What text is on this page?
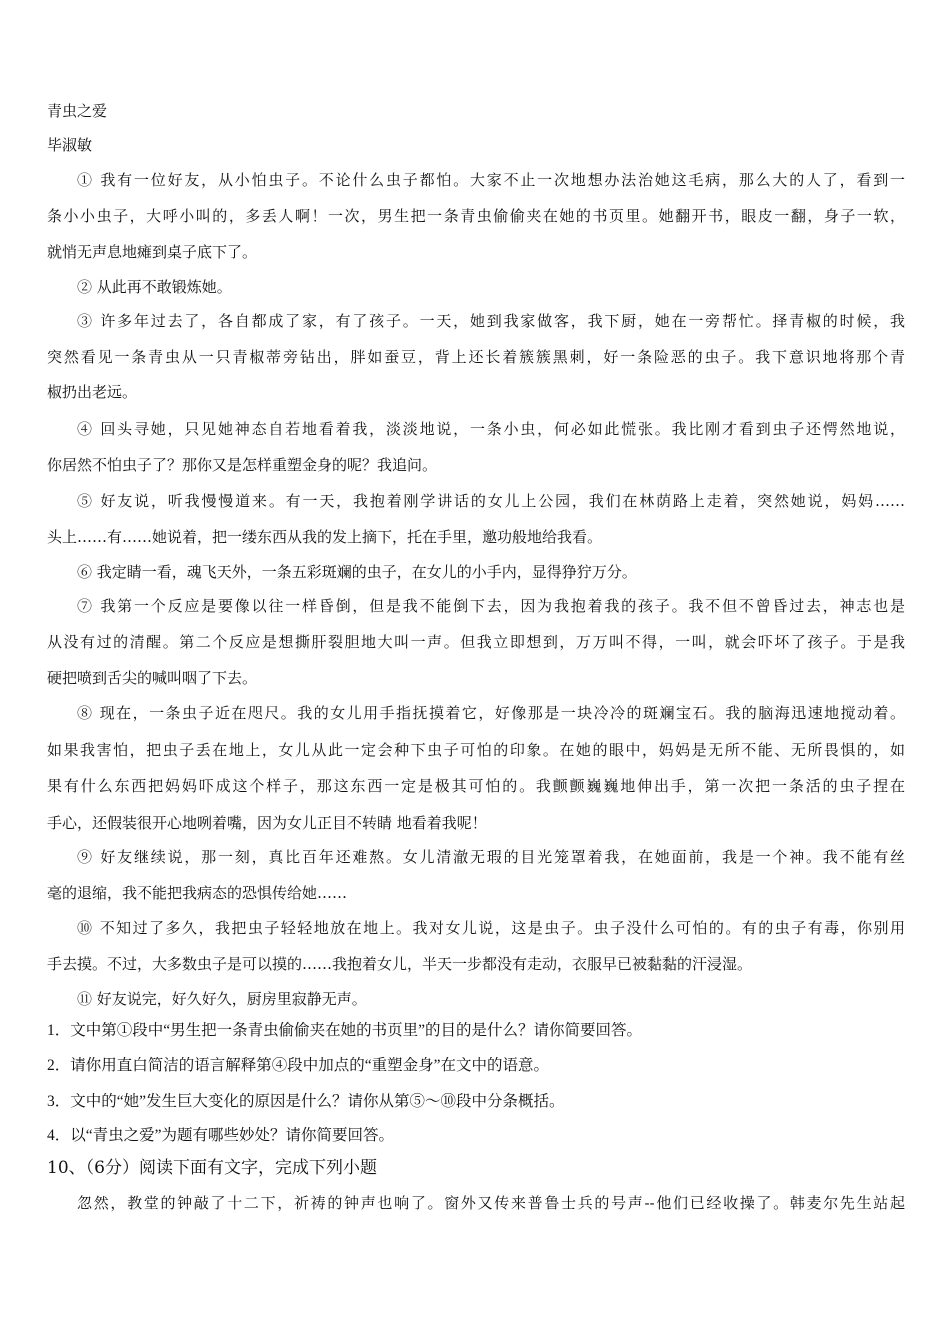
青虫之爱
毕淑敏
① 我有一位好友，从小怕虫子。不论什么虫子都怕。大家不止一次地想办法治她这毛病，那么大的人了，看到一
条小小虫子，大呼小叫的，多丢人啊！一次，男生把一条青虫偷偷夹在她的书页里。她翻开书，眼皮一翻，身子一软，
就悄无声息地瘫到桌子底下了。
② 从此再不敢锻炼她。
③ 许多年过去了，各自都成了家，有了孩子。一天，她到我家做客，我下厨，她在一旁帮忙。择青椒的时候，我
突然看见一条青虫从一只青椒蒂旁钻出，胖如蚕豆，背上还长着簇簇黑刺，好一条险恶的虫子。我下意识地将那个青
椒扔出老远。
④ 回头寻她，只见她神态自若地看着我，淡淡地说，一条小虫，何必如此慌张。我比刚才看到虫子还愕然地说，
你居然不怕虫子了？那你又是怎样重塑金身的呢？我追问。
⑤ 好友说，听我慢慢道来。有一天，我抱着刚学讲话的女儿上公园，我们在林荫路上走着，突然她说，妈妈……
头上……有……她说着，把一缕东西从我的发上摘下，托在手里，邀功般地给我看。
⑥ 我定睛一看，魂飞天外，一条五彩斑斓的虫子，在女儿的小手内，显得狰狞万分。
⑦ 我第一个反应是要像以往一样昏倒，但是我不能倒下去，因为我抱着我的孩子。我不但不曾昏过去，神志也是
从没有过的清醒。第二个反应是想撕肝裂胆地大叫一声。但我立即想到，万万叫不得，一叫，就会吓坏了孩子。于是我
硬把喷到舌尖的喊叫咽了下去。
⑧ 现在，一条虫子近在咫尺。我的女儿用手指抚摸着它，好像那是一块冷冷的斑斓宝石。我的脑海迅速地搅动着。
如果我害怕，把虫子丢在地上，女儿从此一定会种下虫子可怕的印象。在她的眼中，妈妈是无所不能、无所畏惧的，如
果有什么东西把妈妈吓成这个样子，那这东西一定是极其可怕的。我颤颤巍巍地伸出手，第一次把一条活的虫子捏在
手心，还假装很开心地咧着嘴，因为女儿正目不转睛 地看着我呢！
⑨ 好友继续说，那一刻，真比百年还难熬。女儿清澈无瑕的目光笼罩着我，在她面前，我是一个神。我不能有丝
毫的退缩，我不能把我病态的恐惧传给她……
⑩ 不知过了多久，我把虫子轻轻地放在地上。我对女儿说，这是虫子。虫子没什么可怕的。有的虫子有毒，你别用
手去摸。不过，大多数虫子是可以摸的……我抱着女儿，半天一步都没有走动，衣服早已被黏黏的汗浸湿。
⑪ 好友说完，好久好久，厨房里寂静无声。
1．文中第①段中“男生把一条青虫偷偷夹在她的书页里”的目的是什么？请你简要回答。
2．请你用直白简洁的语言解释第④段中加点的“重塑金身”在文中的语意。
3．文中的“她”发生巨大变化的原因是什么？请你从第⑤～⑩段中分条概括。
4．以“青虫之爱”为题有哪些妙处？请你简要回答。
10、（6分）阅读下面有文字，完成下列小题
忽然，教堂的钟敲了十二下，祈祷的钟声也响了。窗外又传来普鲁士兵的号声--他们已经收操了。韩麦尔先生站起
